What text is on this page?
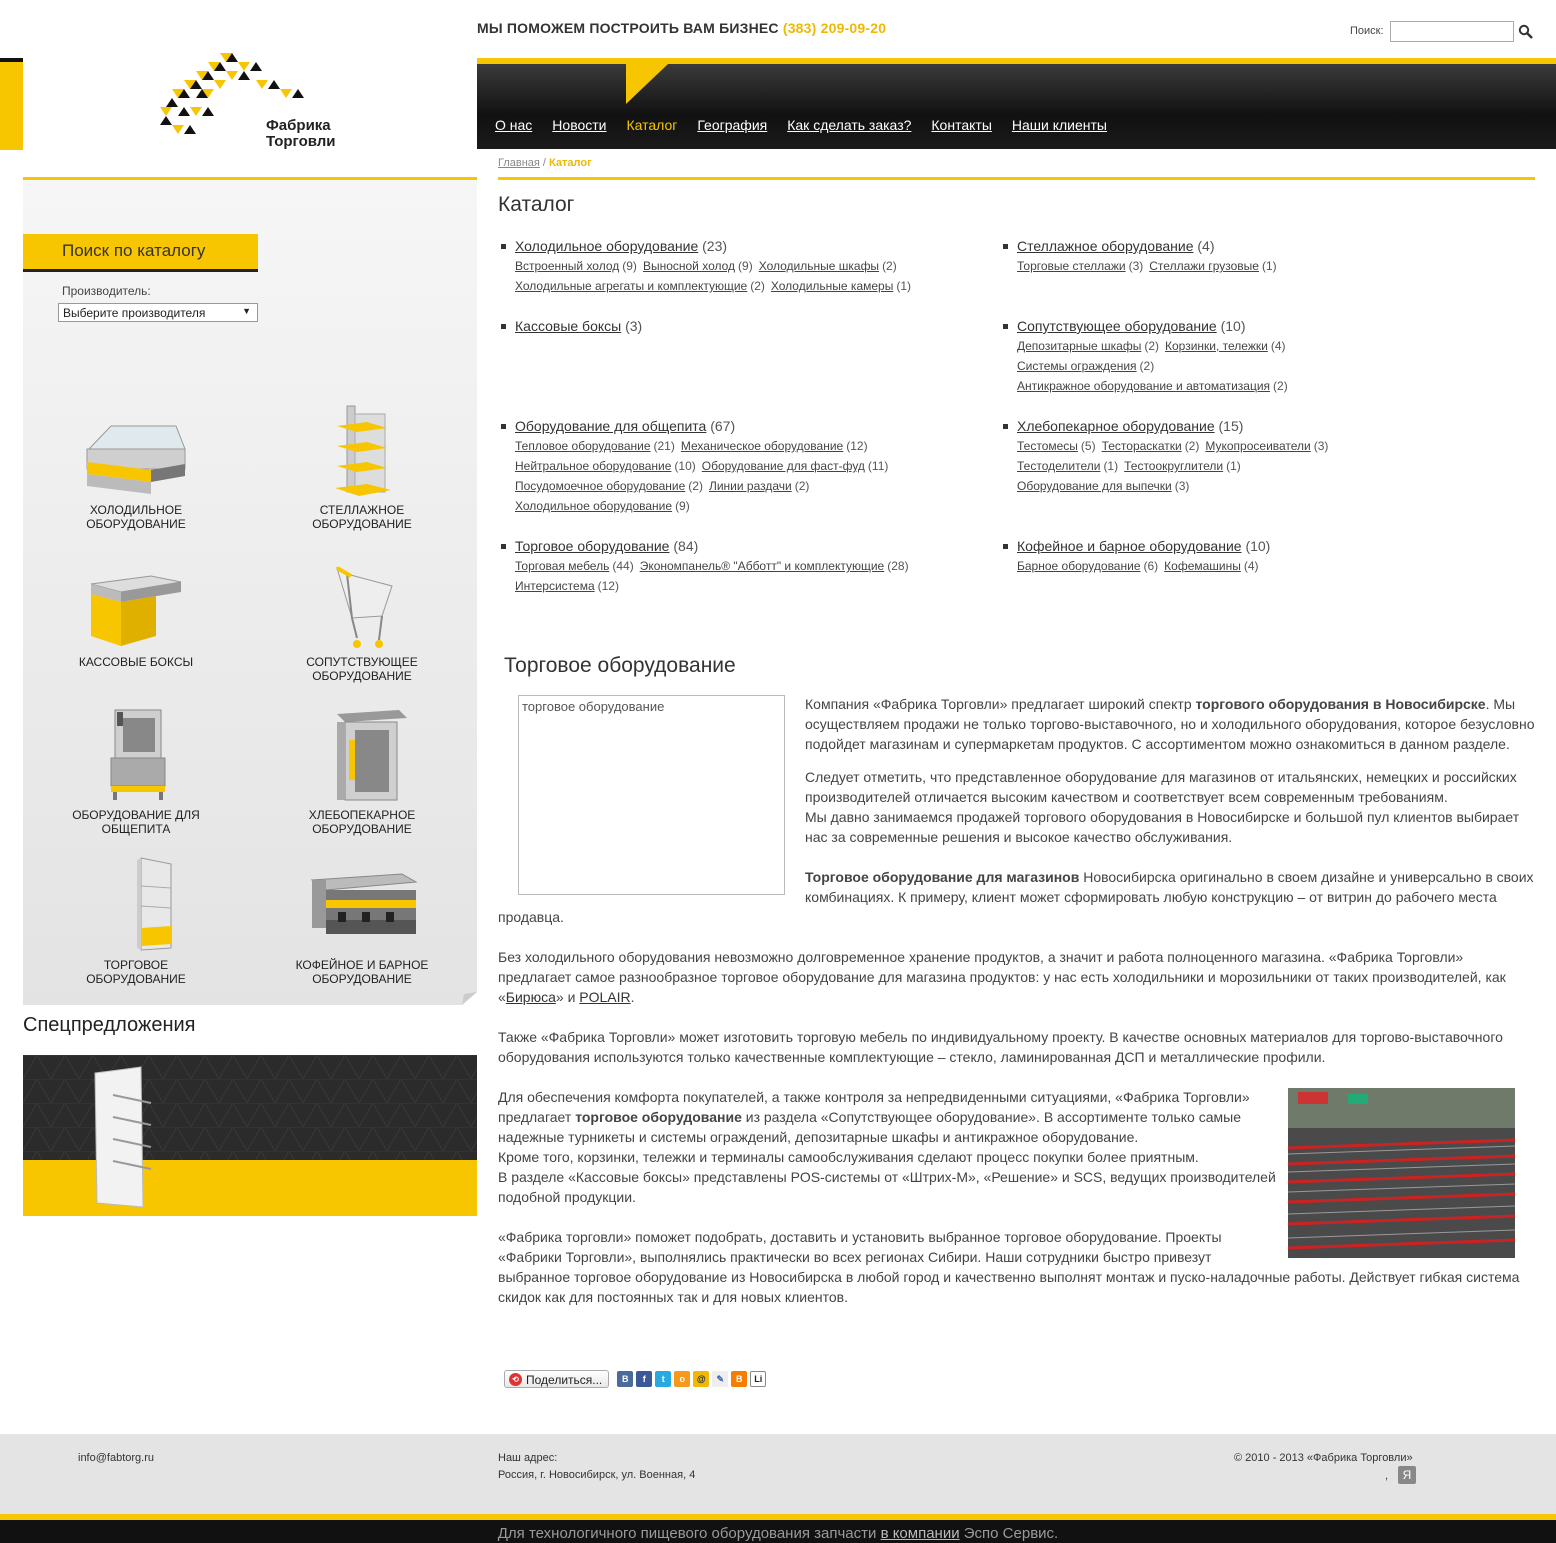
Фабрика
Торговли
МЫ ПОМОЖЕМ ПОСТРОИТЬ ВАМ БИЗНЕС (383) 209-09-20	Поиск:
О нас Новости Каталог География Как сделать заказ? Контакты Наши клиенты
Главная / Каталог
Поиск по каталогу
Производитель:
Выберите производителя	▼
ХОЛОДИЛЬНОЕ
ОБОРУДОВАНИЕ
СТЕЛЛАЖНОЕ
ОБОРУДОВАНИЕ
КАССОВЫЕ БОКСЫ	СОПУТСТВУЮЩЕЕ
ОБОРУДОВАНИЕ
ОБОРУДОВАНИЕ ДЛЯ
ОБЩЕПИТА
ХЛЕБОПЕКАРНОЕ
ОБОРУДОВАНИЕ
ТОРГОВОЕ
ОБОРУДОВАНИЕ
КОФЕЙНОЕ И БАРНОЕ
ОБОРУДОВАНИЕ
Спецпредложения
Каталог
Холодильное оборудование (23)
Встроенный холод (9) Выносной холод (9) Холодильные шкафы (2)
Холодильные агрегаты и комплектующие (2) Холодильные камеры (1)
Стеллажное оборудование (4)
Торговые стеллажи (3) Стеллажи грузовые (1)
Кассовые боксы (3)	Сопутствующее оборудование (10)
Депозитарные шкафы (2) Корзинки, тележки (4)
Системы ограждения (2)
Антикражное оборудование и автоматизация (2)
Оборудование для общепита (67)
Тепловое оборудование (21) Механическое оборудование (12)
Нейтральное оборудование (10) Оборудование для фаст-фуд (11)
Посудомоечное оборудование (2) Линии раздачи (2)
Холодильное оборудование (9)
Хлебопекарное оборудование (15)
Тестомесы (5) Тестораскатки (2) Мукопросеиватели (3)
Тестоделители (1) Тестоокруглители (1)
Оборудование для выпечки (3)
Торговое оборудование (84)
Торговая мебель (44) Экономпанель® "Абботт" и комплектующие (28)
Интерсистема (12)
Кофейное и барное оборудование (10)
Барное оборудование (6) Кофемашины (4)
Торговое оборудование

Компания «Фабрика Торговли» предлагает широкий спектр торгового оборудования в Новосибирске. Мы осуществляем продажи не только торгово-выставочного, но и холодильного оборудования, которое безусловно подойдет магазинам и супермаркетам продуктов. С ассортиментом можно ознакомиться в данном разделе.

Следует отметить, что представленное оборудование для магазинов от итальянских, немецких и российских производителей отличается высоким качеством и соответствует всем современным требованиям.
Мы давно занимаемся продажей торгового оборудования в Новосибирске и большой пул клиентов выбирает нас за современные решения и высокое качество обслуживания.

Торговое оборудование для магазинов Новосибирска оригинально в своем дизайне и универсально в своих комбинациях. К примеру, клиент может сформировать любую конструкцию – от витрин до рабочего места продавца.

Без холодильного оборудования невозможно долговременное хранение продуктов, а значит и работа полноценного магазина. «Фабрика Торговли» предлагает самое разнообразное торговое оборудование для магазина продуктов: у нас есть холодильники и морозильники от таких производителей, как «Бирюса» и POLAIR.

Также «Фабрика Торговли» может изготовить торговую мебель по индивидуальному проекту. В качестве основных материалов для торгово-выставочного оборудования используются только качественные комплектующие – стекло, ламинированная ДСП и металлические профили.

Для обеспечения комфорта покупателей, а также контроля за непредвиденными ситуациями, «Фабрика Торговли» предлагает торговое оборудование из раздела «Сопутствующее оборудование». В ассортименте только самые надежные турникеты и системы ограждений, депозитарные шкафы и антикражное оборудование.
Кроме того, корзинки, тележки и терминалы самообслуживания сделают процесс покупки более приятным.
В разделе «Кассовые боксы» представлены POS-системы от «Штрих-М», «Решение» и SCS, ведущих производителей подобной продукции.

«Фабрика торговли» поможет подобрать, доставить и установить выбранное торговое оборудование. Проекты «Фабрики Торговли», выполнялись практически во всех регионах Сибири. Наши сотрудники быстро привезут выбранное торговое оборудование из Новосибирска в любой город и качественно выполнят монтаж и пуско-наладочные работы. Действует гибкая система скидок как для постоянных так и для новых клиентов.

торговое оборудование
⟲ Поделиться...	В	f	t	о	@	✎	B	Li
info@fabtorg.ru	Наш адрес:
Россия, г. Новосибирск, ул. Военная, 4
© 2010 - 2013 «Фабрика Торговли»
,	Я
Для технологичного пищевого оборудования запчасти в компании Эспо Сервис.
